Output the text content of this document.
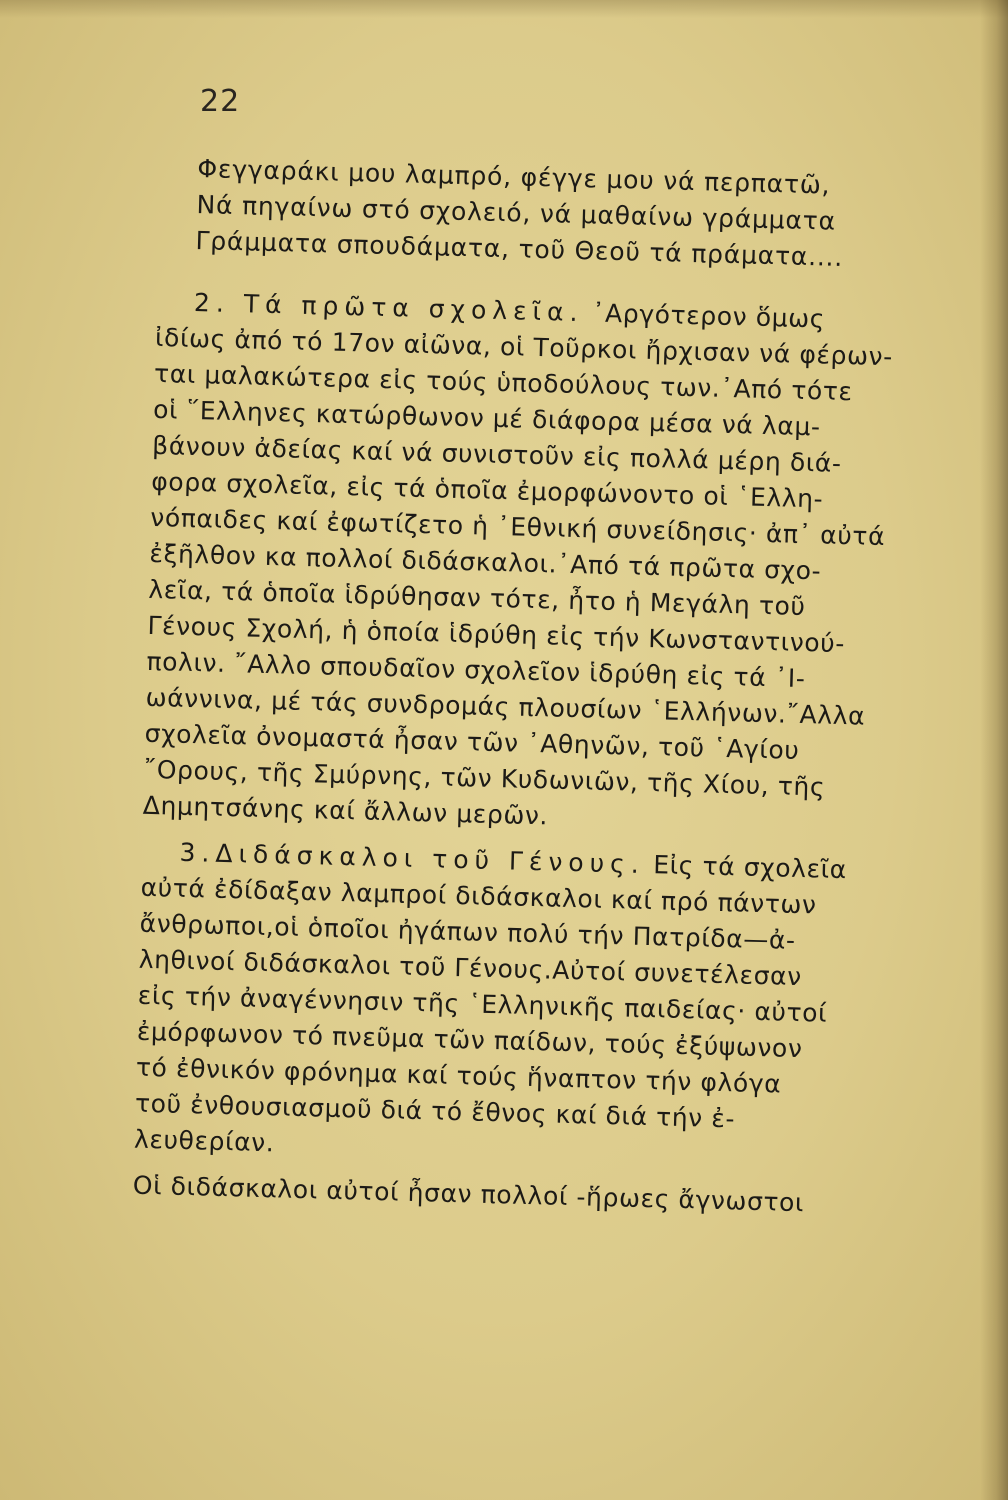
22
Φεγγαράκι μου λαμπρό, φέγγε μου νά περπατῶ,
Νά πηγαίνω στό σχολειό, νά μαθαίνω γράμματα
Γράμματα σπουδάματα, τοῦ Θεοῦ τά πράματα....
2. Τά πρῶτα σχολεῖα. ᾿Αργότερον ὅμως
ἰδίως ἀπό τό 17ον αἰῶνα, οἱ Τοῦρκοι ἤρχισαν νά φέρων-
ται μαλακώτερα εἰς τούς ὑποδούλους των.᾿Από τότε
οἱ ῞Ελληνες κατώρθωνον μέ διάφορα μέσα νά λαμ-
βάνουν ἀδείας καί νά συνιστοῦν εἰς πολλά μέρη διά-
φορα σχολεῖα, εἰς τά ὁποῖα ἐμορφώνοντο οἱ ῾Ελλη-
νόπαιδες καί ἐφωτίζετο ἡ ᾿Εθνική συνείδησις· ἀπ᾿ αὐτά
ἐξῆλθον κα πολλοί διδάσκαλοι.᾿Από τά πρῶτα σχο-
λεῖα, τά ὁποῖα ἱδρύθησαν τότε, ἦτο ἡ Μεγάλη τοῦ
Γένους Σχολή, ἡ ὁποία ἱδρύθη εἰς τήν Κωνσταντινού-
πολιν. ῎Αλλο σπουδαῖον σχολεῖον ἱδρύθη εἰς τά ᾿Ι-
ωάννινα, μέ τάς συνδρομάς πλουσίων ῾Ελλήνων.῎Αλλα
σχολεῖα ὀνομαστά ἦσαν τῶν ᾿Αθηνῶν, τοῦ ῾Αγίου
῎Ορους, τῆς Σμύρνης, τῶν Κυδωνιῶν, τῆς Χίου, τῆς
Δημητσάνης καί ἄλλων μερῶν.
3.Διδάσκαλοι τοῦ Γένους. Εἰς τά σχολεῖα
αὐτά ἐδίδαξαν λαμπροί διδάσκαλοι καί πρό πάντων
ἄνθρωποι,οἱ ὁποῖοι ἠγάπων πολύ τήν Πατρίδα—ἀ-
ληθινοί διδάσκαλοι τοῦ Γένους.Αὐτοί συνετέλεσαν
εἰς τήν ἀναγέννησιν τῆς ῾Ελληνικῆς παιδείας· αὐτοί
ἐμόρφωνον τό πνεῦμα τῶν παίδων, τούς ἐξύψωνον
τό ἐθνικόν φρόνημα καί τούς ἥναπτον τήν φλόγα
τοῦ ἐνθουσιασμοῦ διά τό ἔθνος καί διά τήν ἐ-
λευθερίαν.
Οἱ διδάσκαλοι αὐτοί ἦσαν πολλοί -ἥρωες ἄγνωστοι
